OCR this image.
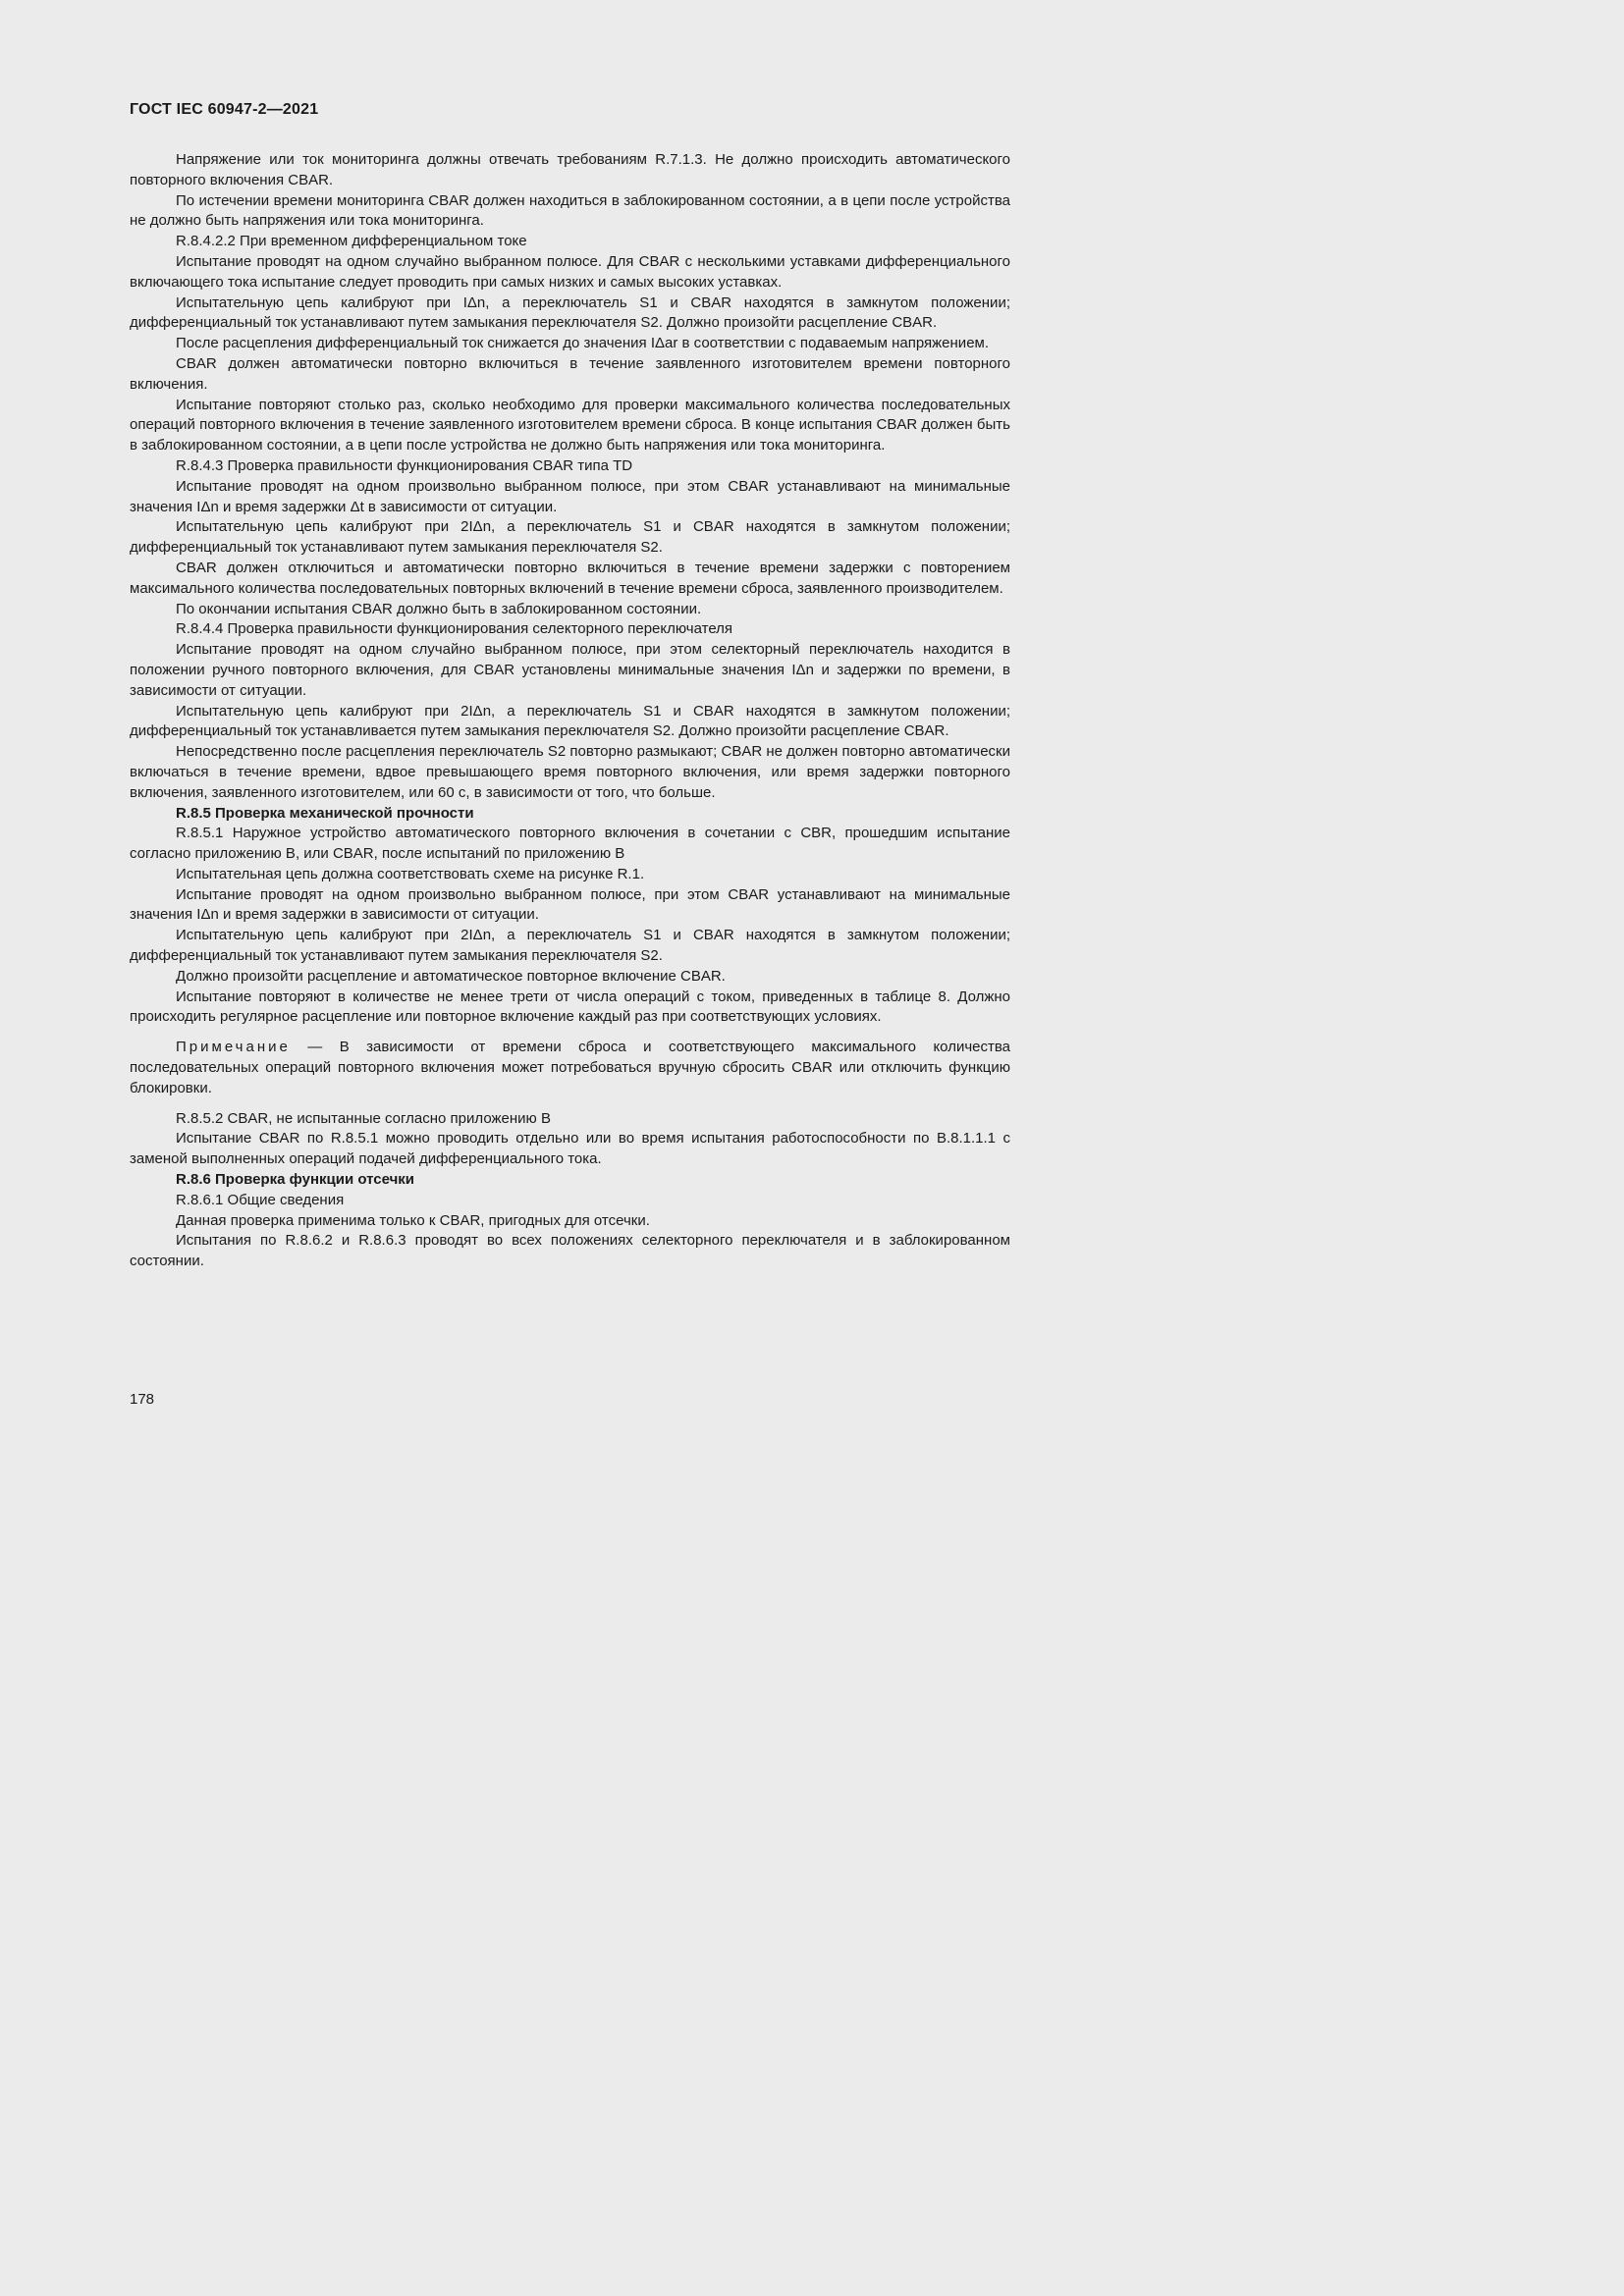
ГОСТ IEC 60947-2—2021

Напряжение или ток мониторинга должны отвечать требованиям R.7.1.3. Не должно происходить автоматического повторного включения CBAR.

По истечении времени мониторинга CBAR должен находиться в заблокированном состоянии, а в цепи после устройства не должно быть напряжения или тока мониторинга.

R.8.4.2.2 При временном дифференциальном токе

Испытание проводят на одном случайно выбранном полюсе. Для CBAR с несколькими уставками дифференциального включающего тока испытание следует проводить при самых низких и самых высоких уставках.

Испытательную цепь калибруют при IΔn, а переключатель S1 и CBAR находятся в замкнутом положении; дифференциальный ток устанавливают путем замыкания переключателя S2. Должно произойти расцепление CBAR.

После расцепления дифференциальный ток снижается до значения IΔar в соответствии с подаваемым напряжением.

CBAR должен автоматически повторно включиться в течение заявленного изготовителем времени повторного включения.

Испытание повторяют столько раз, сколько необходимо для проверки максимального количества последовательных операций повторного включения в течение заявленного изготовителем времени сброса. В конце испытания CBAR должен быть в заблокированном состоянии, а в цепи после устройства не должно быть напряжения или тока мониторинга.

R.8.4.3 Проверка правильности функционирования CBAR типа TD

Испытание проводят на одном произвольно выбранном полюсе, при этом CBAR устанавливают на минимальные значения IΔn и время задержки Δt в зависимости от ситуации.

Испытательную цепь калибруют при 2IΔn, а переключатель S1 и CBAR находятся в замкнутом положении; дифференциальный ток устанавливают путем замыкания переключателя S2.

CBAR должен отключиться и автоматически повторно включиться в течение времени задержки с повторением максимального количества последовательных повторных включений в течение времени сброса, заявленного производителем.

По окончании испытания CBAR должно быть в заблокированном состоянии.

R.8.4.4 Проверка правильности функционирования селекторного переключателя

Испытание проводят на одном случайно выбранном полюсе, при этом селекторный переключатель находится в положении ручного повторного включения, для CBAR установлены минимальные значения IΔn и задержки по времени, в зависимости от ситуации.

Испытательную цепь калибруют при 2IΔn, а переключатель S1 и CBAR находятся в замкнутом положении; дифференциальный ток устанавливается путем замыкания переключателя S2. Должно произойти расцепление CBAR.

Непосредственно после расцепления переключатель S2 повторно размыкают; CBAR не должен повторно автоматически включаться в течение времени, вдвое превышающего время повторного включения, или время задержки повторного включения, заявленного изготовителем, или 60 с, в зависимости от того, что больше.

R.8.5 Проверка механической прочности

R.8.5.1 Наружное устройство автоматического повторного включения в сочетании с CBR, прошедшим испытание согласно приложению B, или CBAR, после испытаний по приложению B

Испытательная цепь должна соответствовать схеме на рисунке R.1.

Испытание проводят на одном произвольно выбранном полюсе, при этом CBAR устанавливают на минимальные значения IΔn и время задержки в зависимости от ситуации.

Испытательную цепь калибруют при 2IΔn, а переключатель S1 и CBAR находятся в замкнутом положении; дифференциальный ток устанавливают путем замыкания переключателя S2.

Должно произойти расцепление и автоматическое повторное включение CBAR.

Испытание повторяют в количестве не менее трети от числа операций с током, приведенных в таблице 8. Должно происходить регулярное расцепление или повторное включение каждый раз при соответствующих условиях.

Примечание — В зависимости от времени сброса и соответствующего максимального количества последовательных операций повторного включения может потребоваться вручную сбросить CBAR или отключить функцию блокировки.

R.8.5.2 CBAR, не испытанные согласно приложению B

Испытание CBAR по R.8.5.1 можно проводить отдельно или во время испытания работоспособности по B.8.1.1.1 с заменой выполненных операций подачей дифференциального тока.

R.8.6 Проверка функции отсечки

R.8.6.1 Общие сведения

Данная проверка применима только к CBAR, пригодных для отсечки.

Испытания по R.8.6.2 и R.8.6.3 проводят во всех положениях селекторного переключателя и в заблокированном состоянии.

178
